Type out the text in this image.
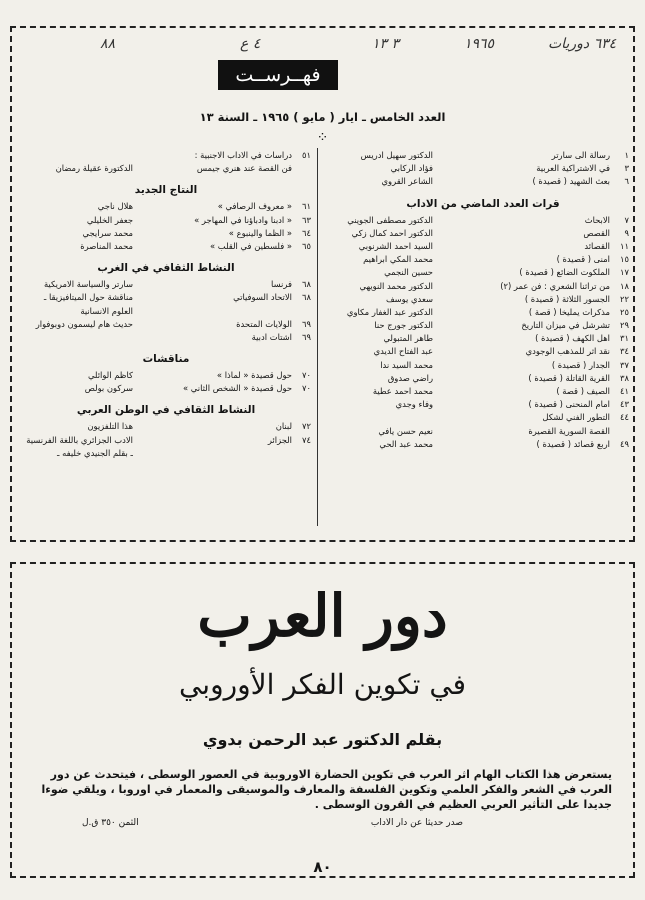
٦٣٤ دوريات
١٩٦٥
٣ ١٣
٤ ع
٨٨
فهــرســت
العدد الخامس ـ ايار ( مايو ) ١٩٦٥ ـ السنة ١٣
⁘
١
رسالة الى سارتر
الدكتور سهيل ادريس
٣
في الاشتراكية العربية
فؤاد الركابي
٦
بعث الشهيد ( قصيدة )
الشاعر القروي
قرات العدد الماضي من الاداب
٧
الابحاث
الدكتور مصطفى الجويني
٩
القصص
الدكتور احمد كمال زكي
١١
القصائد
السيد احمد الشرنوبي
١٥
امنى ( قصيدة )
محمد المكي ابراهيم
١٧
الملكوت الضائع ( قصيدة )
حسين النجمي
١٨
من تراثنا الشعري : فن عمر (٢)
الدكتور محمد النويهي
٢٢
الجسور الثلاثة ( قصيدة )
سعدي يوسف
٢٥
مذكرات يمليخا ( قصة )
الدكتور عبد الغفار مكاوي
٢٩
تشرشل في ميزان التاريخ
الدكتور جورج حنا
٣١
اهل الكهف ( قصيدة )
طاهر المتبولي
٣٤
نقد اثر للمذهب الوجودي
عبد الفتاح الديدي
٣٧
الجدار ( قصيدة )
محمد السيد ندا
٣٨
القرية القاتلة ( قصيدة )
راضي صدوق
٤١
الصيف ( قصة )
محمد احمد عطية
٤٣
امام المنحنى ( قصيدة )
وفاء وجدي
٤٤
التطور الفني لشكل
القصة السورية القصيرة
نعيم حسن يافي
٤٩
اربع قصائد ( قصيدة )
محمد عبد الحي
٥١
دراسات في الاداب الاجنبية :
فن القصة عند هنري جيمس
الدكتورة عقيلة رمضان
النتاج الجديد
٦١
« معروف الرصافي »
هلال ناجي
٦٣
« ادبنا وادباؤنا في المهاجر »
جعفر الخليلي
٦٤
« الظما والينبوع »
محمد سرايجي
٦٥
« فلسطين في القلب »
محمد المناصرة
النشاط الثقافي في الغرب
٦٨
فرنسا
سارتر والسياسة الامريكية
٦٨
الاتحاد السوفياتي
مناقشة حول الميتافيزيقا ـ
العلوم الانسانية
٦٩
الولايات المتحدة
حديث هام ليسمون دوبوفوار
٦٩
اشتات ادبية
مناقشات
٧٠
حول قصيدة « لماذا »
كاظم الوائلي
٧٠
حول قصيدة « الشخص الثاني »
سركون بولص
النشاط الثقافي في الوطن العربي
٧٢
لبنان
هذا التلفزيون
٧٤
الجزائر
الادب الجزائري باللغة الفرنسية
ـ بقلم الجنيدي خليفه ـ
دور العرب
في تكوين الفكر الأوروبي
بقلم الدكتور عبد الرحمن بدوي
يستعرض هذا الكتاب الهام اثر العرب في تكوين الحضارة الاوروبية في العصور الوسطى ، فيتحدث عن دور العرب في الشعر والفكر العلمي وتكوين الفلسفة والمعارف والموسيقى والمعمار في اوروبا ، ويلقي ضوءا جديدا على التأثير العربي العظيم في القرون الوسطى .
صدر حديثا عن دار الاداب
الثمن ٣٥٠ ق.ل
٨٠
